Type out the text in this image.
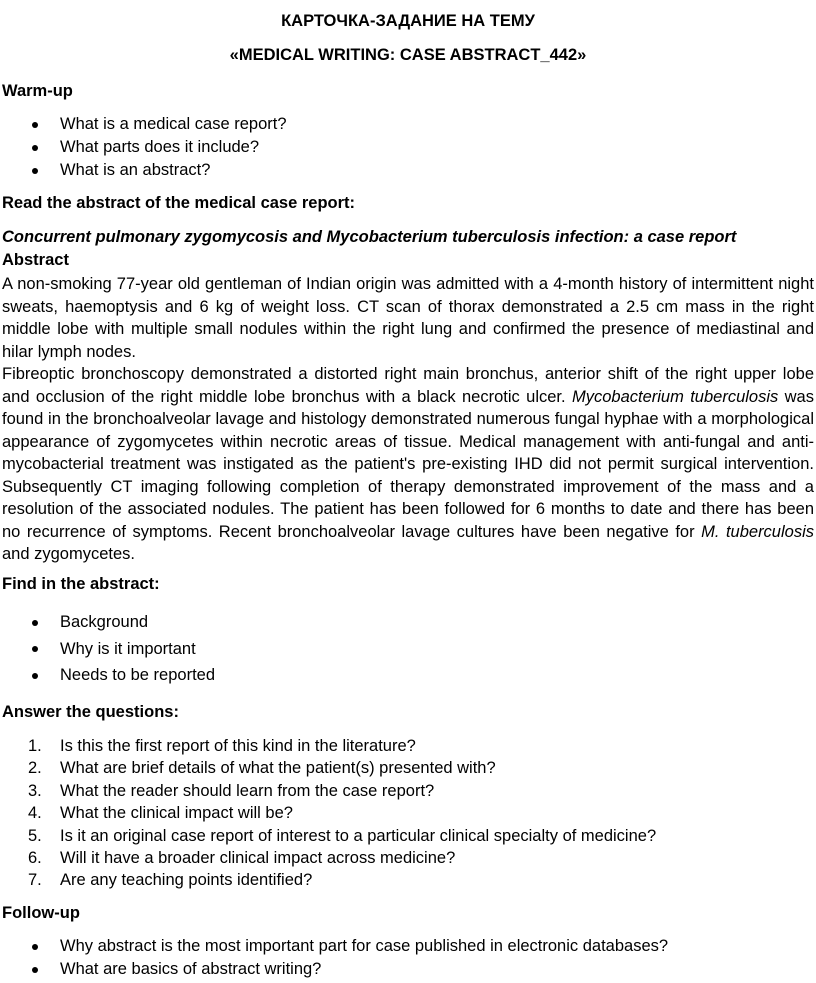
КАРТОЧКА-ЗАДАНИЕ НА ТЕМУ
«MEDICAL WRITING: CASE ABSTRACT_442»
Warm-up
What is a medical case report?
What parts does it include?
What is an abstract?
Read the abstract of the medical case report:
Concurrent pulmonary zygomycosis and Mycobacterium tuberculosis infection: a case report
Abstract

A non-smoking 77-year old gentleman of Indian origin was admitted with a 4-month history of intermittent night sweats, haemoptysis and 6 kg of weight loss. CT scan of thorax demonstrated a 2.5 cm mass in the right middle lobe with multiple small nodules within the right lung and confirmed the presence of mediastinal and hilar lymph nodes.

Fibreoptic bronchoscopy demonstrated a distorted right main bronchus, anterior shift of the right upper lobe and occlusion of the right middle lobe bronchus with a black necrotic ulcer. Mycobacterium tuberculosis was found in the bronchoalveolar lavage and histology demonstrated numerous fungal hyphae with a morphological appearance of zygomycetes within necrotic areas of tissue. Medical management with anti-fungal and anti-mycobacterial treatment was instigated as the patient's pre-existing IHD did not permit surgical intervention. Subsequently CT imaging following completion of therapy demonstrated improvement of the mass and a resolution of the associated nodules. The patient has been followed for 6 months to date and there has been no recurrence of symptoms. Recent bronchoalveolar lavage cultures have been negative for M. tuberculosis and zygomycetes.

Find in the abstract:
Background
Why is it important
Needs to be reported
Answer the questions:
1. Is this the first report of this kind in the literature?
2. What are brief details of what the patient(s) presented with?
3. What the reader should learn from the case report?
4. What the clinical impact will be?
5. Is it an original case report of interest to a particular clinical specialty of medicine?
6. Will it have a broader clinical impact across medicine?
7. Are any teaching points identified?
Follow-up
Why abstract is the most important part for case published in electronic databases?
What are basics of abstract writing?
